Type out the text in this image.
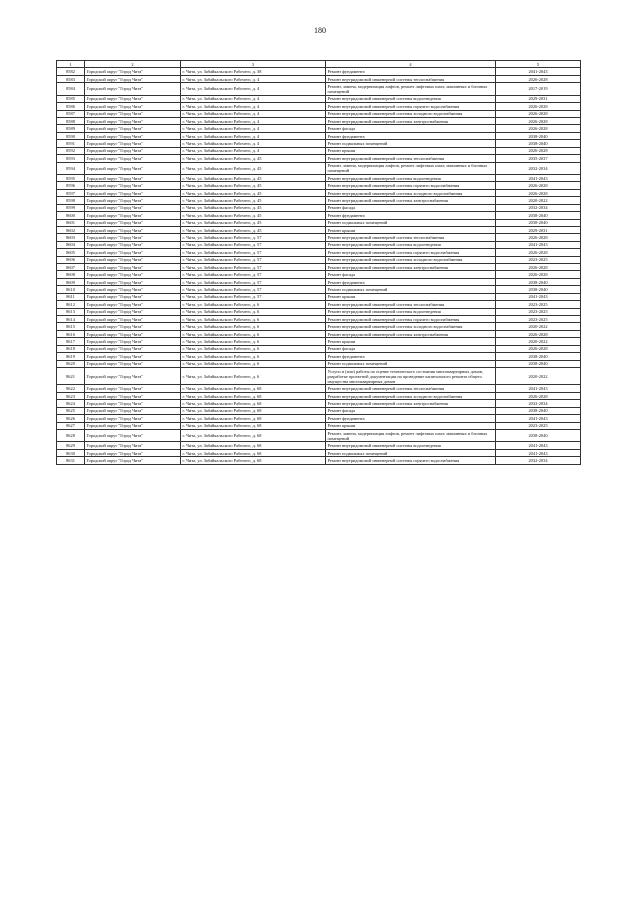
180
1	2	3	4	5
8582	Городской округ "Город Чита"	г. Чита, ул. Забайкальского Рабочего, д. 38	Ремонт фундамента	2041-2043
8583	Городской округ "Город Чита"	г. Чита, ул. Забайкальского Рабочего, д. 4	Ремонт внутридомовой инженерной системы теплоснабжения	2026-2028
8584	Городской округ "Город Чита"	г. Чита, ул. Забайкальского Рабочего, д. 4	Ремонт, замена, модернизация лифтов, ремонт лифтовых шахт, машинных и блочных помещений	2017-2019
8585	Городской округ "Город Чита"	г. Чита, ул. Забайкальского Рабочего, д. 4	Ремонт внутридомовой инженерной системы водоотведения	2029-2031
8586	Городской округ "Город Чита"	г. Чита, ул. Забайкальского Рабочего, д. 4	Ремонт внутридомовой инженерной системы горячего водоснабжения	2026-2028
8587	Городской округ "Город Чита"	г. Чита, ул. Забайкальского Рабочего, д. 4	Ремонт внутридомовой инженерной системы холодного водоснабжения	2026-2028
8588	Городской округ "Город Чита"	г. Чита, ул. Забайкальского Рабочего, д. 4	Ремонт внутридомовой инженерной системы электроснабжения	2026-2028
8589	Городской округ "Город Чита"	г. Чита, ул. Забайкальского Рабочего, д. 4	Ремонт фасада	2026-2028
8590	Городской округ "Город Чита"	г. Чита, ул. Забайкальского Рабочего, д. 4	Ремонт фундамента	2038-2040
8591	Городской округ "Город Чита"	г. Чита, ул. Забайкальского Рабочего, д. 4	Ремонт подвальных помещений	2038-2040
8592	Городской округ "Город Чита"	г. Чита, ул. Забайкальского Рабочего, д. 4	Ремонт крыши	2026-2028
8593	Городской округ "Город Чита"	г. Чита, ул. Забайкальского Рабочего, д. 45	Ремонт внутридомовой инженерной системы теплоснабжения	2035-2037
8594	Городской округ "Город Чита"	г. Чита, ул. Забайкальского Рабочего, д. 45	Ремонт, замена, модернизация лифтов, ремонт лифтовых шахт, машинных и блочных помещений	2032-2034
8595	Городской округ "Город Чита"	г. Чита, ул. Забайкальского Рабочего, д. 45	Ремонт внутридомовой инженерной системы водоотведения	2041-2043
8596	Городской округ "Город Чита"	г. Чита, ул. Забайкальского Рабочего, д. 45	Ремонт внутридомовой инженерной системы горячего водоснабжения	2026-2028
8597	Городской округ "Город Чита"	г. Чита, ул. Забайкальского Рабочего, д. 45	Ремонт внутридомовой инженерной системы холодного водоснабжения	2026-2028
8598	Городской округ "Город Чита"	г. Чита, ул. Забайкальского Рабочего, д. 45	Ремонт внутридомовой инженерной системы электроснабжения	2020-2022
8599	Городской округ "Город Чита"	г. Чита, ул. Забайкальского Рабочего, д. 45	Ремонт фасада	2032-2034
8600	Городской округ "Город Чита"	г. Чита, ул. Забайкальского Рабочего, д. 45	Ремонт фундамента	2038-2040
8601	Городской округ "Город Чита"	г. Чита, ул. Забайкальского Рабочего, д. 45	Ремонт подвальных помещений	2038-2040
8602	Городской округ "Город Чита"	г. Чита, ул. Забайкальского Рабочего, д. 45	Ремонт крыши	2029-2031
8603	Городской округ "Город Чита"	г. Чита, ул. Забайкальского Рабочего, д. 57	Ремонт внутридомовой инженерной системы теплоснабжения	2026-2028
8604	Городской округ "Город Чита"	г. Чита, ул. Забайкальского Рабочего, д. 57	Ремонт внутридомовой инженерной системы водоотведения	2041-2043
8605	Городской округ "Город Чита"	г. Чита, ул. Забайкальского Рабочего, д. 57	Ремонт внутридомовой инженерной системы горячего водоснабжения	2026-2028
8606	Городской округ "Город Чита"	г. Чита, ул. Забайкальского Рабочего, д. 57	Ремонт внутридомовой инженерной системы холодного водоснабжения	2023-2025
8607	Городской округ "Город Чита"	г. Чита, ул. Забайкальского Рабочего, д. 57	Ремонт внутридомовой инженерной системы электроснабжения	2026-2028
8608	Городской округ "Город Чита"	г. Чита, ул. Забайкальского Рабочего, д. 57	Ремонт фасада	2026-2028
8609	Городской округ "Город Чита"	г. Чита, ул. Забайкальского Рабочего, д. 57	Ремонт фундамента	2038-2040
8610	Городской округ "Город Чита"	г. Чита, ул. Забайкальского Рабочего, д. 57	Ремонт подвальных помещений	2038-2040
8611	Городской округ "Город Чита"	г. Чита, ул. Забайкальского Рабочего, д. 57	Ремонт крыши	2041-2043
8612	Городской округ "Город Чита"	г. Чита, ул. Забайкальского Рабочего, д. 6	Ремонт внутридомовой инженерной системы теплоснабжения	2023-2025
8613	Городской округ "Город Чита"	г. Чита, ул. Забайкальского Рабочего, д. 6	Ремонт внутридомовой инженерной системы водоотведения	2023-2025
8614	Городской округ "Город Чита"	г. Чита, ул. Забайкальского Рабочего, д. 6	Ремонт внутридомовой инженерной системы горячего водоснабжения	2023-2025
8615	Городской округ "Город Чита"	г. Чита, ул. Забайкальского Рабочего, д. 6	Ремонт внутридомовой инженерной системы холодного водоснабжения	2020-2022
8616	Городской округ "Город Чита"	г. Чита, ул. Забайкальского Рабочего, д. 6	Ремонт внутридомовой инженерной системы электроснабжения	2026-2028
8617	Городской округ "Город Чита"	г. Чита, ул. Забайкальского Рабочего, д. 6	Ремонт крыши	2020-2022
8618	Городской округ "Город Чита"	г. Чита, ул. Забайкальского Рабочего, д. 6	Ремонт фасада	2026-2028
8619	Городской округ "Город Чита"	г. Чита, ул. Забайкальского Рабочего, д. 6	Ремонт фундамента	2038-2040
8620	Городской округ "Город Чита"	г. Чита, ул. Забайкальского Рабочего, д. 6	Ремонт подвальных помещений	2038-2040
8621	Городской округ "Город Чита"	г. Чита, ул. Забайкальского Рабочего, д. 6	Услуги и (или) работы по оценке технического состояния многоквартирных домов, разработке проектной документации на проведение капитального ремонта общего имущества многоквартирных домов	2020-2022
8622	Городской округ "Город Чита"	г. Чита, ул. Забайкальского Рабочего, д. 68	Ремонт внутридомовой инженерной системы теплоснабжения	2041-2043
8623	Городской округ "Город Чита"	г. Чита, ул. Забайкальского Рабочего, д. 68	Ремонт внутридомовой инженерной системы холодного водоснабжения	2026-2028
8624	Городской округ "Город Чита"	г. Чита, ул. Забайкальского Рабочего, д. 68	Ремонт внутридомовой инженерной системы электроснабжения	2032-2034
8625	Городской округ "Город Чита"	г. Чита, ул. Забайкальского Рабочего, д. 68	Ремонт фасада	2038-2040
8626	Городской округ "Город Чита"	г. Чита, ул. Забайкальского Рабочего, д. 68	Ремонт фундамента	2041-2043
8627	Городской округ "Город Чита"	г. Чита, ул. Забайкальского Рабочего, д. 68	Ремонт крыши	2023-2025
8628	Городской округ "Город Чита"	г. Чита, ул. Забайкальского Рабочего, д. 68	Ремонт, замена, модернизация лифтов, ремонт лифтовых шахт, машинных и блочных помещений	2038-2040
8629	Городской округ "Город Чита"	г. Чита, ул. Забайкальского Рабочего, д. 68	Ремонт внутридомовой инженерной системы водоотведения	2041-2043
8630	Городской округ "Город Чита"	г. Чита, ул. Забайкальского Рабочего, д. 68	Ремонт подвальных помещений	2041-2043
8631	Городской округ "Город Чита"	г. Чита, ул. Забайкальского Рабочего, д. 68	Ремонт внутридомовой инженерной системы горячего водоснабжения	2032-2034
